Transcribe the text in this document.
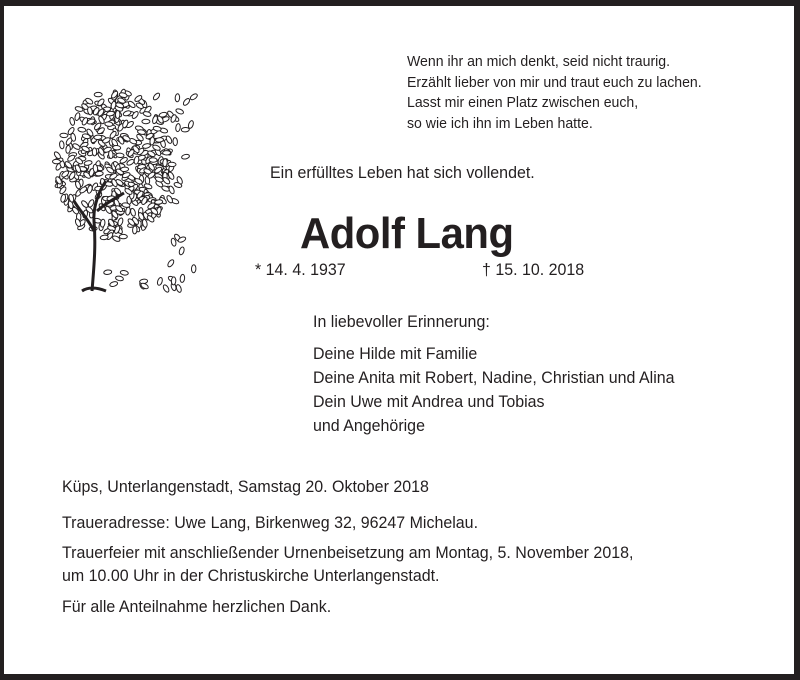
Wenn ihr an mich denkt, seid nicht traurig.
Erzählt lieber von mir und traut euch zu lachen.
Lasst mir einen Platz zwischen euch,
so wie ich ihn im Leben hatte.
Ein erfülltes Leben hat sich vollendet.
Adolf Lang
* 14. 4. 1937	† 15. 10. 2018
In liebevoller Erinnerung:
Deine Hilde mit Familie
Deine Anita mit Robert, Nadine, Christian und Alina
Dein Uwe mit Andrea und Tobias
und Angehörige
Küps, Unterlangenstadt, Samstag 20. Oktober 2018
Traueradresse: Uwe Lang, Birkenweg 32, 96247 Michelau.
Trauerfeier mit anschließender Urnenbeisetzung am Montag, 5. November 2018,
um 10.00 Uhr in der Christuskirche Unterlangenstadt.
Für alle Anteilnahme herzlichen Dank.
